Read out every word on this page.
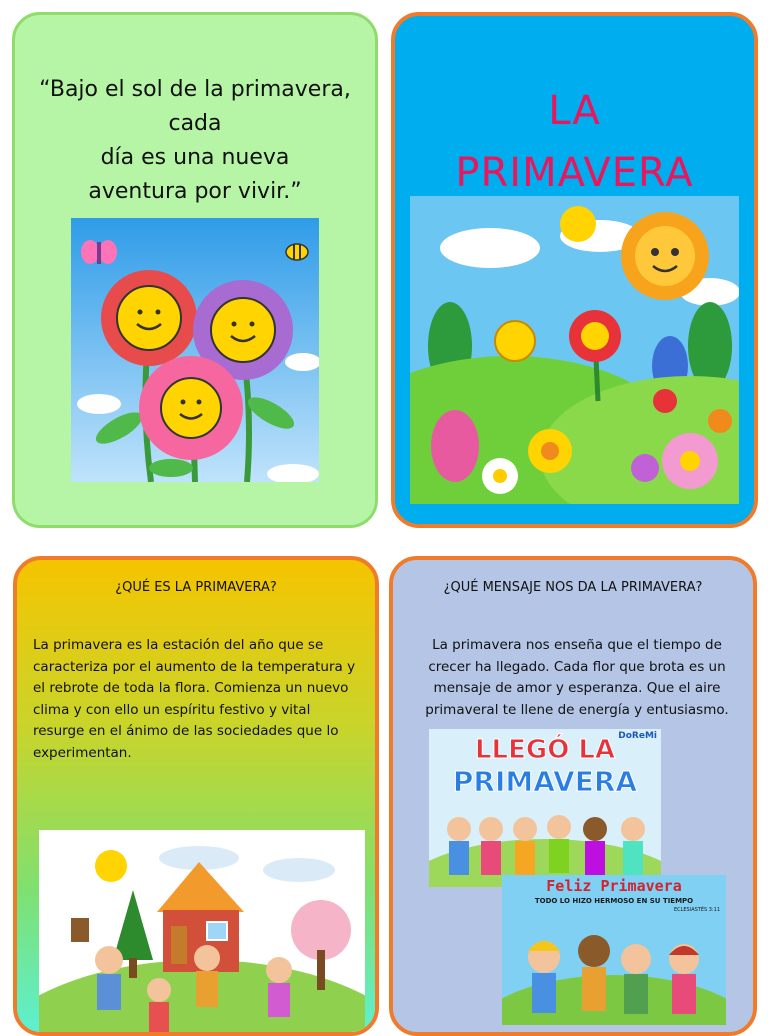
“Bajo el sol de la primavera,
cada
día es una nueva
aventura por vivir.”
LA
PRIMAVERA
¿QUÉ ES LA PRIMAVERA?
La primavera es la estación del año que se caracteriza por el aumento de la temperatura y el rebrote de toda la flora. Comienza un nuevo clima y con ello un espíritu festivo y vital resurge en el ánimo de las sociedades que lo experimentan.
¿QUÉ MENSAJE NOS DA LA PRIMAVERA?
La primavera nos enseña que el tiempo de crecer ha llegado. Cada flor que brota es un mensaje de amor y esperanza. Que el aire primaveral te llene de energía y entusiasmo.
DoReMi
LLEGÓ LA
PRIMAVERA
Feliz Primavera
TODO LO HIZO HERMOSO EN SU TIEMPO
ECLESIASTÉS 3:11
